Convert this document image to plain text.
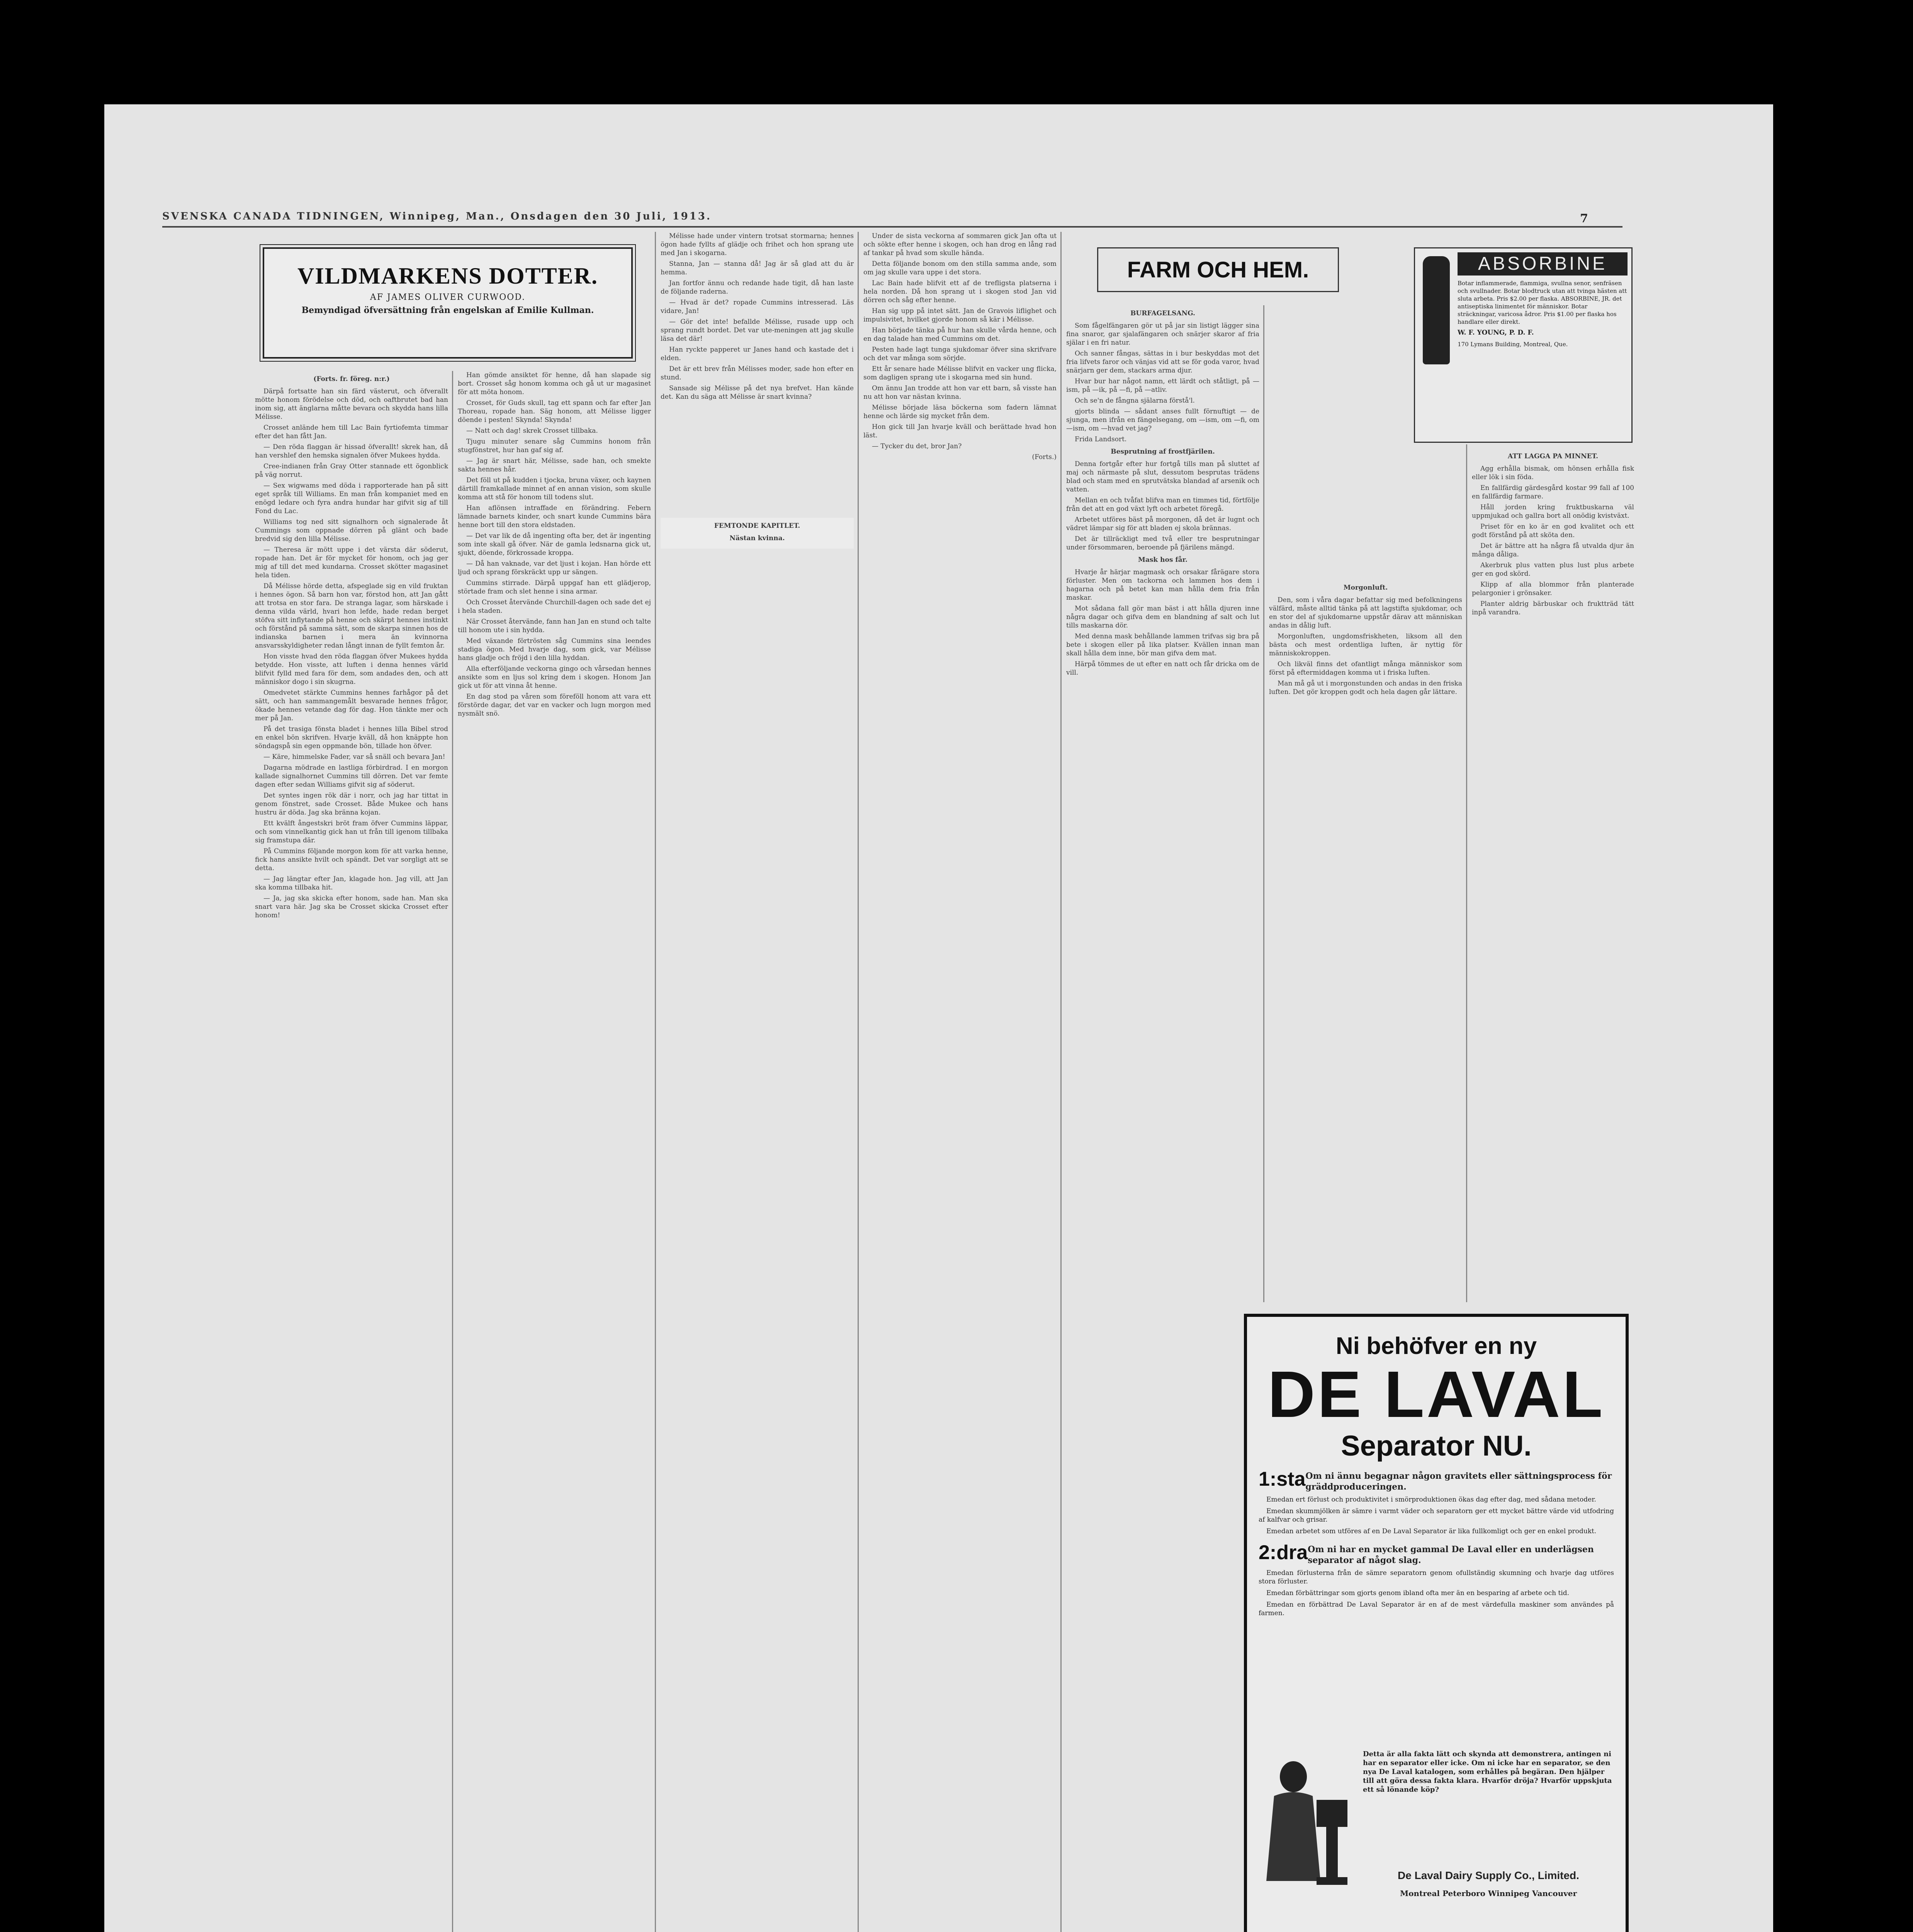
SVENSKA CANADA TIDNINGEN, Winnipeg, Man., Onsdagen den 30 Juli, 1913.	7
VILDMARKENS DOTTER.
AF JAMES OLIVER CURWOOD.
Bemyndigad öfversättning från engelskan af Emilie Kullman.

(Forts. fr. föreg. n:r.)

Därpå fortsatte han sin färd västerut, och öfverallt mötte honom förödelse och död, och oaftbrutet bad han inom sig, att änglarna måtte bevara och skydda hans lilla Mélisse.

Crosset anlände hem till Lac Bain fyrtiofemta timmar efter det han fått Jan.

— Den röda flaggan är hissad öfverallt! skrek han, då han vershlef den hemska signalen öfver Mukees hydda.

Cree-indianen från Gray Otter stannade ett ögonblick på väg norrut.

— Sex wigwams med döda i rapporterade han på sitt eget språk till Williams. En man från kompaniet med en enögd ledare och fyra andra hundar har gifvit sig af till Fond du Lac.

Williams tog ned sitt signalhorn och signalerade åt Cummings som oppnade dörren på glänt och bade bredvid sig den lilla Mélisse.

— Theresa är mött uppe i det värsta där söderut, ropade han. Det är för mycket för honom, och jag ger mig af till det med kundarna. Crosset skötter magasinet hela tiden.

Då Mélisse hörde detta, afspeglade sig en vild fruktan i hennes ögon. Så barn hon var, förstod hon, att Jan gått att trotsa en stor fara. De stranga lagar, som härskade i denna vilda värld, hvari hon lefde, hade redan berget stöfva sitt inflytande på henne och skärpt hennes instinkt och förstånd på samma sätt, som de skarpa sinnen hos de indianska barnen i mera än kvinnorna ansvarsskyldigheter redan långt innan de fyllt femton år.

Hon visste hvad den röda flaggan öfver Mukees hydda betydde. Hon visste, att luften i denna hennes värld blifvit fylld med fara för dem, som andades den, och att människor dogo i sin skugrna.

Omedvetet stärkte Cummins hennes farhågor på det sätt, och han sammangemålt besvarade hennes frågor, ökade hennes vetande dag för dag. Hon tänkte mer och mer på Jan.

På det trasiga fönsta bladet i hennes lilla Bibel strod en enkel bön skrifven. Hvarje kväll, då hon knäppte hon söndagspå sin egen oppmande bön, tillade hon öfver.

— Käre, himmelske Fader, var så snäll och bevara Jan!

Dagarna mödrade en lastliga förbirdrad. I en morgon kallade signalhornet Cummins till dörren. Det var femte dagen efter sedan Williams gifvit sig af söderut.

Det syntes ingen rök där i norr, och jag har tittat in genom fönstret, sade Crosset. Både Mukee och hans hustru är döda. Jag ska bränna kojan.

Ett kvälft ångestskri bröt fram öfver Cummins läppar, och som vinnelkantig gick han ut från till igenom tillbaka sig framstupa där.

På Cummins följande morgon kom för att varka henne, fick hans ansikte hvilt och spändt. Det var sorgligt att se detta.

— Jag längtar efter Jan, klagade hon. Jag vill, att Jan ska komma tillbaka hit.

— Ja, jag ska skicka efter honom, sade han. Man ska snart vara här. Jag ska be Crosset skicka Crosset efter honom!

Han gömde ansiktet för henne, då han slapade sig bort. Crosset såg honom komma och gå ut ur magasinet för att möta honom.

Crosset, för Guds skull, tag ett spann och far efter Jan Thoreau, ropade han. Säg honom, att Mélisse ligger döende i pesten! Skynda! Skynda!

— Natt och dag! skrek Crosset tillbaka.

Tjugu minuter senare såg Cummins honom från stugfönstret, hur han gaf sig af.

— Jag är snart här, Mélisse, sade han, och smekte sakta hennes hår.

Det föll ut på kudden i tjocka, bruna växer, och kaynen därtill framkallade minnet af en annan vision, som skulle komma att stå för honom till todens slut.

Han aflönsen intraffade en förändring. Febern lämnade barnets kinder, och snart kunde Cummins bära henne bort till den stora eldstaden.

— Det var lik de då ingenting ofta ber, det är ingenting som inte skall gå öfver. När de gamla ledsnarna gick ut, sjukt, döende, förkrossade kroppa.

— Då han vaknade, var det ljust i kojan. Han hörde ett ljud och sprang förskräckt upp ur sängen.

Cummins stirrade. Därpå uppgaf han ett glädjerop, störtade fram och slet henne i sina armar.

Och Crosset återvände Churchill-dagen och sade det ej i hela staden.

När Crosset återvände, fann han Jan en stund och talte till honom ute i sin hydda.

Med växande förtrösten såg Cummins sina leendes stadiga ögon. Med hvarje dag, som gick, var Mélisse hans gladje och fröjd i den lilla hyddan.

Alla efterföljande veckorna gingo och vårsedan hennes ansikte som en ljus sol kring dem i skogen. Honom Jan gick ut för att vinna åt henne.

En dag stod pa våren som föreföll honom att vara ett förstörde dagar, det var en vacker och lugn morgon med nysmält snö.

Mélisse hade under vintern trotsat stormarna; hennes ögon hade fyllts af glädje och frihet och hon sprang ute med Jan i skogarna.

Stanna, Jan — stanna då! Jag är så glad att du är hemma.

Jan fortfor ännu och redande hade tigit, då han laste de följande raderna.

— Hvad är det? ropade Cummins intresserad. Läs vidare, Jan!

— Gör det inte! befallde Mélisse, rusade upp och sprang rundt bordet. Det var ute-meningen att jag skulle läsa det där!

Han ryckte papperet ur Janes hand och kastade det i elden.

Det är ett brev från Mélisses moder, sade hon efter en stund.

Sansade sig Mélisse på det nya brefvet. Han kände det. Kan du säga att Mélisse är snart kvinna?

FEMTONDE KAPITLET.

Nästan kvinna.

Under de sista veckorna af sommaren gick Jan ofta ut och sökte efter henne i skogen, och han drog en lång rad af tankar på hvad som skulle hända.

Detta följande bonom om den stilla samma ande, som om jag skulle vara uppe i det stora.

Lac Bain hade blifvit ett af de trefligsta platserna i hela norden. Då hon sprang ut i skogen stod Jan vid dörren och såg efter henne.

Han sig upp på intet sätt. Jan de Gravois liflighet och impulsivitet, hvilket gjorde honom så kär i Mélisse.

Han började tänka på hur han skulle vårda henne, och en dag talade han med Cummins om det.

Pesten hade lagt tunga sjukdomar öfver sina skrifvare och det var många som sörjde.

Ett år senare hade Mélisse blifvit en vacker ung flicka, som dagligen sprang ute i skogarna med sin hund.

Om ännu Jan trodde att hon var ett barn, så visste han nu att hon var nästan kvinna.

Mélisse började läsa böckerna som fadern lämnat henne och lärde sig mycket från dem.

Hon gick till Jan hvarje kväll och berättade hvad hon läst.

— Tycker du det, bror Jan?

(Forts.)

FARM OCH HEM.

BURFAGELSANG.

Som fågelfängaren gör ut på jar sin listigt lägger sina fina snaror, gar sjalafängaren och snärjer skaror af fria själar i en fri natur.

Och sanner fångas, sättas in i bur beskyddas mot det fria lifvets faror och vänjas vid att se för goda varor, hvad snärjarn ger dem, stackars arma djur.

Hvar bur har något namn, ett lärdt och ståtligt, på —ism, på —ik, på —fi, på —atliv.

Och se'n de fångna själarna förstå'l.

gjorts blinda — sådant anses fullt förnuftigt — de sjunga, men ifrån en fängelsegang, om —ism, om —fi, om —ism, om —hvad vet jag?

Frida Landsort.

Besprutning af frostfjärilen.

Denna fortgår efter hur fortgå tills man på sluttet af maj och närmaste på slut, dessutom besprutas trädens blad och stam med en sprutvätska blandad af arsenik och vatten.

Mellan en och tvåfat blifva man en timmes tid, förtfölje från det att en god växt lyft och arbetet föregå.

Arbetet utföres bäst på morgonen, då det är lugnt och vädret lämpar sig för att bladen ej skola brännas.

Det är tillräckligt med två eller tre besprutningar under försommaren, beroende på fjärilens mängd.

Mask hos får.

Hvarje år härjar magmask och orsakar fårägare stora förluster. Men om tackorna och lammen hos dem i hagarna och på betet kan man hålla dem fria från maskar.

Mot sådana fall gör man bäst i att hålla djuren inne några dagar och gifva dem en blandning af salt och lut tills maskarna dör.

Med denna mask behållande lammen trifvas sig bra på bete i skogen eller på lika platser. Kvällen innan man skall hålla dem inne, bör man gifva dem mat.

Härpå tömmes de ut efter en natt och får dricka om de vill.

Morgonluft.

Den, som i våra dagar befattar sig med befolkningens välfärd, måste alltid tänka på att lagstifta sjukdomar, och en stor del af sjukdomarne uppstår därav att människan andas in dålig luft.

Morgonluften, ungdomsfriskheten, liksom all den bästa och mest ordentliga luften, är nyttig för människokroppen.

Och likväl finns det ofantligt många människor som först på eftermiddagen komma ut i friska luften.

Man må gå ut i morgonstunden och andas in den friska luften. Det gör kroppen godt och hela dagen går lättare.

ATT LAGGA PA MINNET.

Agg erhålla bismak, om hönsen erhålla fisk eller lök i sin föda.

En fallfärdig gärdesgård kostar 99 fall af 100 en fallfärdig farmare.

Håll jorden kring fruktbuskarna väl uppmjukad och gallra bort all onödig kvistväxt.

Priset för en ko är en god kvalitet och ett godt förstånd på att sköta den.

Det är bättre att ha några få utvalda djur än många dåliga.

Akerbruk plus vatten plus lust plus arbete ger en god skörd.

Klipp af alla blommor från planterade pelargonier i grönsaker.

Planter aldrig bärbuskar och fruktträd tätt inpå varandra.

ABSORBINE
Botar inflammerade, flammiga, svullna senor, senfräsen och svullnader. Botar blodtruck utan att tvinga hästen att sluta arbeta. Pris $2.00 per flaska. ABSORBINE, JR. det antiseptiska linimentet för människor. Botar sträckningar, varicosa ådror. Pris $1.00 per flaska hos handlare eller direkt.
W. F. YOUNG, P. D. F.
170 Lymans Building, Montreal, Que.
Ni behöfver en ny
DE LAVAL
Separator NU.
1:sta Om ni ännu begagnar någon gravitets eller sättningsprocess för gräddproduceringen.

Emedan ert förlust och produktivitet i smörproduktionen ökas dag efter dag, med sådana metoder.

Emedan skummjölken är sämre i varmt väder och separatorn ger ett mycket bättre värde vid utfodring af kalfvar och grisar.

Emedan arbetet som utföres af en De Laval Separator är lika fullkomligt och ger en enkel produkt.

2:dra Om ni har en mycket gammal De Laval eller en underlägsen separator af något slag.

Emedan förlusterna från de sämre separatorn genom ofullständig skumning och hvarje dag utföres stora förluster.

Emedan förbättringar som gjorts genom ibland ofta mer än en besparing af arbete och tid.

Emedan en förbättrad De Laval Separator är en af de mest värdefulla maskiner som användes på farmen.

Detta är alla fakta lätt och skynda att demonstrera, antingen ni har en separator eller icke. Om ni icke har en separator, se den nya De Laval katalogen, som erhålles på begäran. Den hjälper till att göra dessa fakta klara. Hvarför dröja? Hvarför uppskjuta ett så lönande köp?
De Laval Dairy Supply Co., Limited.
Montreal Peterboro Winnipeg Vancouver
